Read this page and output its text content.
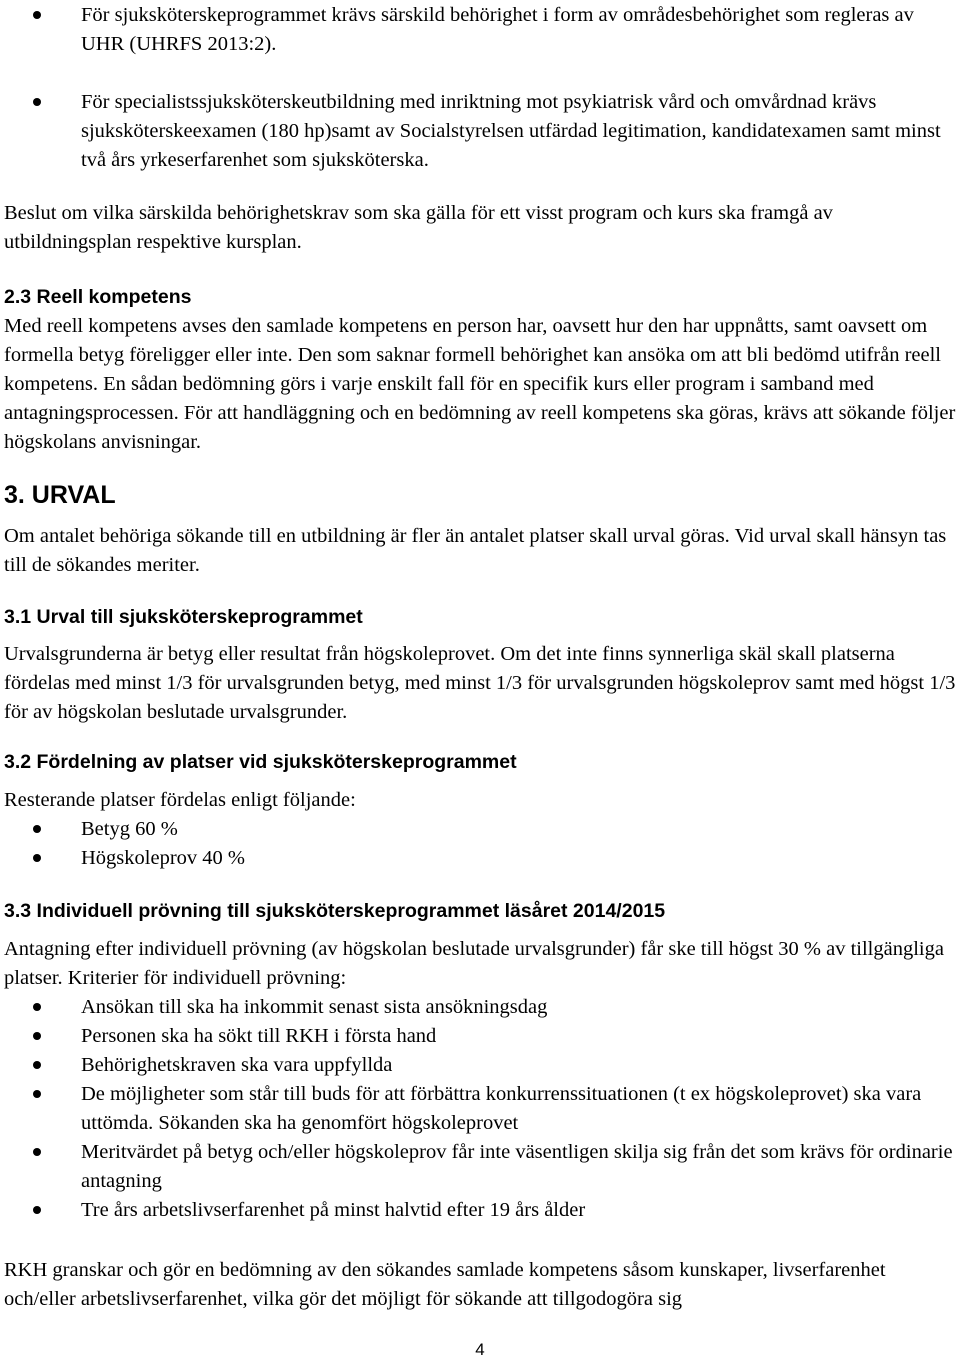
För sjuksköterskeprogrammet krävs särskild behörighet i form av områdesbehörighet som regleras av UHR (UHRFS 2013:2).
För specialistssjuksköterskeutbildning med inriktning mot psykiatrisk vård och omvårdnad krävs sjuksköterskeexamen (180 hp)samt av Socialstyrelsen utfärdad legitimation, kandidatexamen samt minst två års yrkeserfarenhet som sjuksköterska.

Beslut om vilka särskilda behörighetskrav som ska gälla för ett visst program och kurs ska framgå av utbildningsplan respektive kursplan.

2.3 Reell kompetens

Med reell kompetens avses den samlade kompetens en person har, oavsett hur den har uppnåtts, samt oavsett om formella betyg föreligger eller inte. Den som saknar formell behörighet kan ansöka om att bli bedömd utifrån reell kompetens. En sådan bedömning görs i varje enskilt fall för en specifik kurs eller program i samband med antagningsprocessen. För att handläggning och en bedömning av reell kompetens ska göras, krävs att sökande följer högskolans anvisningar.

3. URVAL

Om antalet behöriga sökande till en utbildning är fler än antalet platser skall urval göras. Vid urval skall hänsyn tas till de sökandes meriter.

3.1 Urval till sjuksköterskeprogrammet

Urvalsgrunderna är betyg eller resultat från högskoleprovet. Om det inte finns synnerliga skäl skall platserna fördelas med minst 1/3 för urvalsgrunden betyg, med minst 1/3 för urvalsgrunden högskoleprov samt med högst 1/3 för av högskolan beslutade urvalsgrunder.

3.2 Fördelning av platser vid sjuksköterskeprogrammet

Resterande platser fördelas enligt följande:

Betyg 60 %
Högskoleprov 40 %
3.3 Individuell prövning till sjuksköterskeprogrammet läsåret 2014/2015

Antagning efter individuell prövning (av högskolan beslutade urvalsgrunder) får ske till högst 30 % av tillgängliga platser. Kriterier för individuell prövning:

Ansökan till ska ha inkommit senast sista ansökningsdag
Personen ska ha sökt till RKH i första hand
Behörighetskraven ska vara uppfyllda
De möjligheter som står till buds för att förbättra konkurrenssituationen (t ex högskoleprovet) ska vara uttömda. Sökanden ska ha genomfört högskoleprovet
Meritvärdet på betyg och/eller högskoleprov får inte väsentligen skilja sig från det som krävs för ordinarie antagning
Tre års arbetslivserfarenhet på minst halvtid efter 19 års ålder

RKH granskar och gör en bedömning av den sökandes samlade kompetens såsom kunskaper, livserfarenhet och/eller arbetslivserfarenhet, vilka gör det möjligt för sökande att tillgodogöra sig

4
